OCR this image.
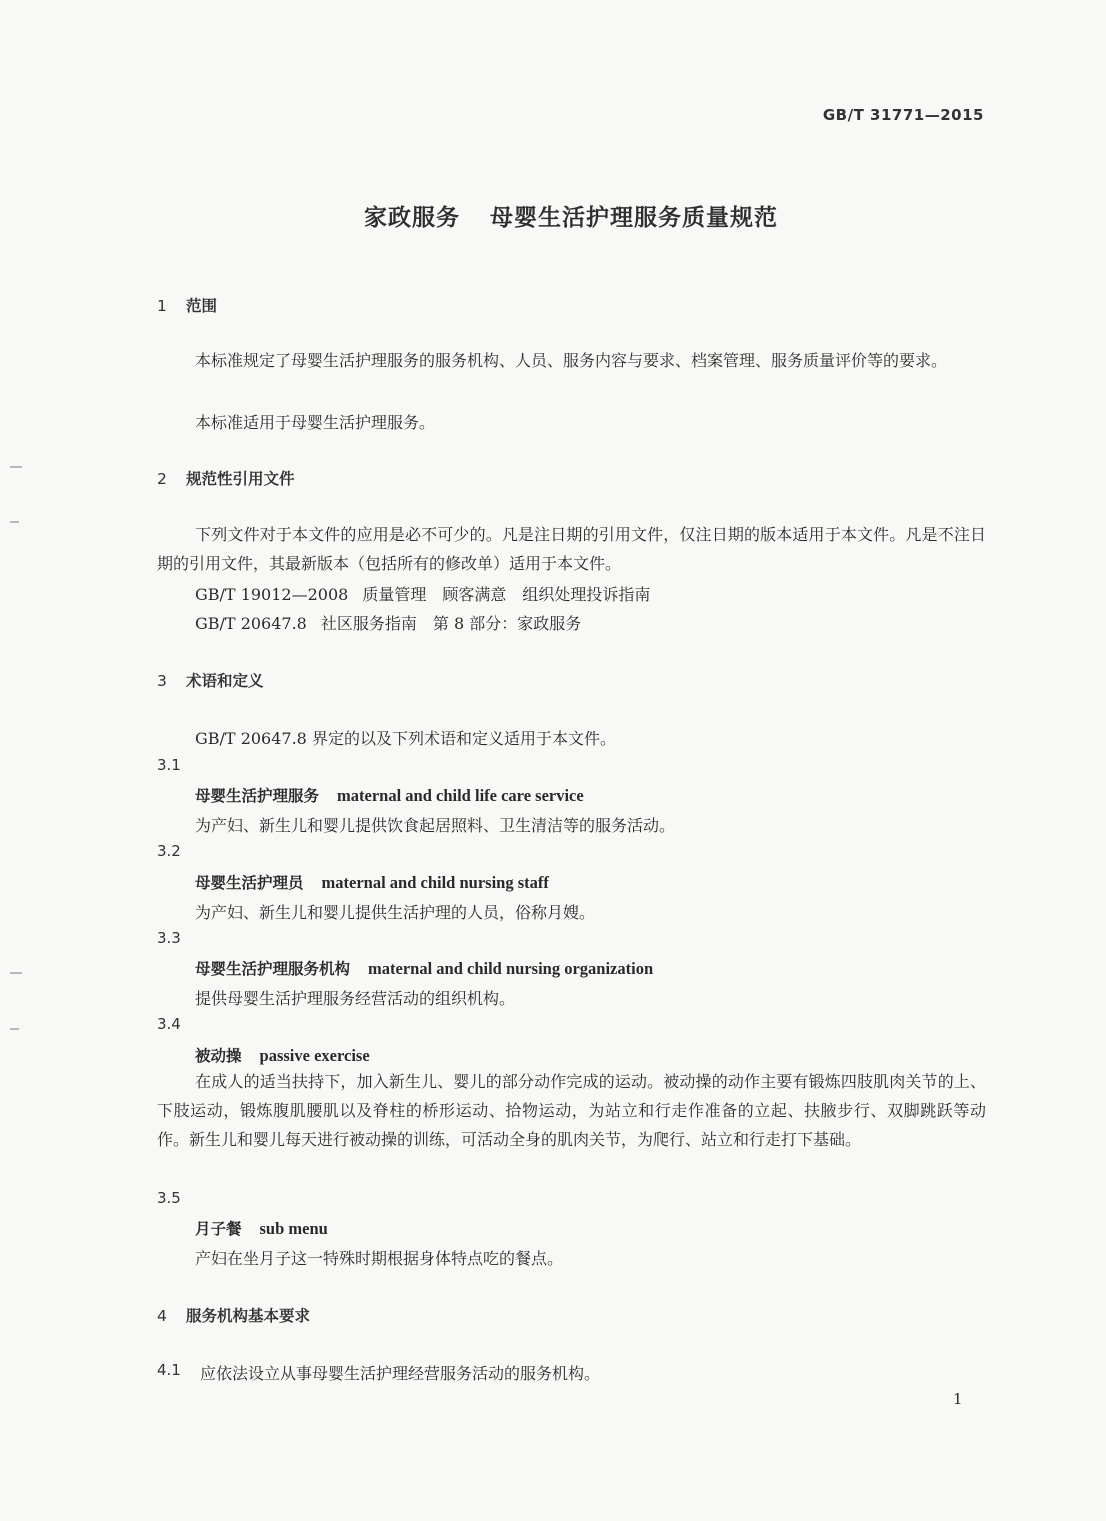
GB/T 31771—2015
家政服务 母婴生活护理服务质量规范
1 范围
本标准规定了母婴生活护理服务的服务机构、人员、服务内容与要求、档案管理、服务质量评价等的要求。
本标准适用于母婴生活护理服务。
2 规范性引用文件
下列文件对于本文件的应用是必不可少的。凡是注日期的引用文件，仅注日期的版本适用于本文件。凡是不注日期的引用文件，其最新版本（包括所有的修改单）适用于本文件。
GB/T 19012—2008 质量管理　顾客满意　组织处理投诉指南
GB/T 20647.8 社区服务指南　第 8 部分：家政服务
3 术语和定义
GB/T 20647.8 界定的以及下列术语和定义适用于本文件。
3.1
母婴生活护理服务 maternal and child life care service
为产妇、新生儿和婴儿提供饮食起居照料、卫生清洁等的服务活动。
3.2
母婴生活护理员 maternal and child nursing staff
为产妇、新生儿和婴儿提供生活护理的人员，俗称月嫂。
3.3
母婴生活护理服务机构 maternal and child nursing organization
提供母婴生活护理服务经营活动的组织机构。
3.4
被动操 passive exercise
在成人的适当扶持下，加入新生儿、婴儿的部分动作完成的运动。被动操的动作主要有锻炼四肢肌肉关节的上、下肢运动，锻炼腹肌腰肌以及脊柱的桥形运动、拾物运动，为站立和行走作准备的立起、扶腋步行、双脚跳跃等动作。新生儿和婴儿每天进行被动操的训练，可活动全身的肌肉关节，为爬行、站立和行走打下基础。
3.5
月子餐 sub menu
产妇在坐月子这一特殊时期根据身体特点吃的餐点。
4 服务机构基本要求
4.1 应依法设立从事母婴生活护理经营服务活动的服务机构。
1
